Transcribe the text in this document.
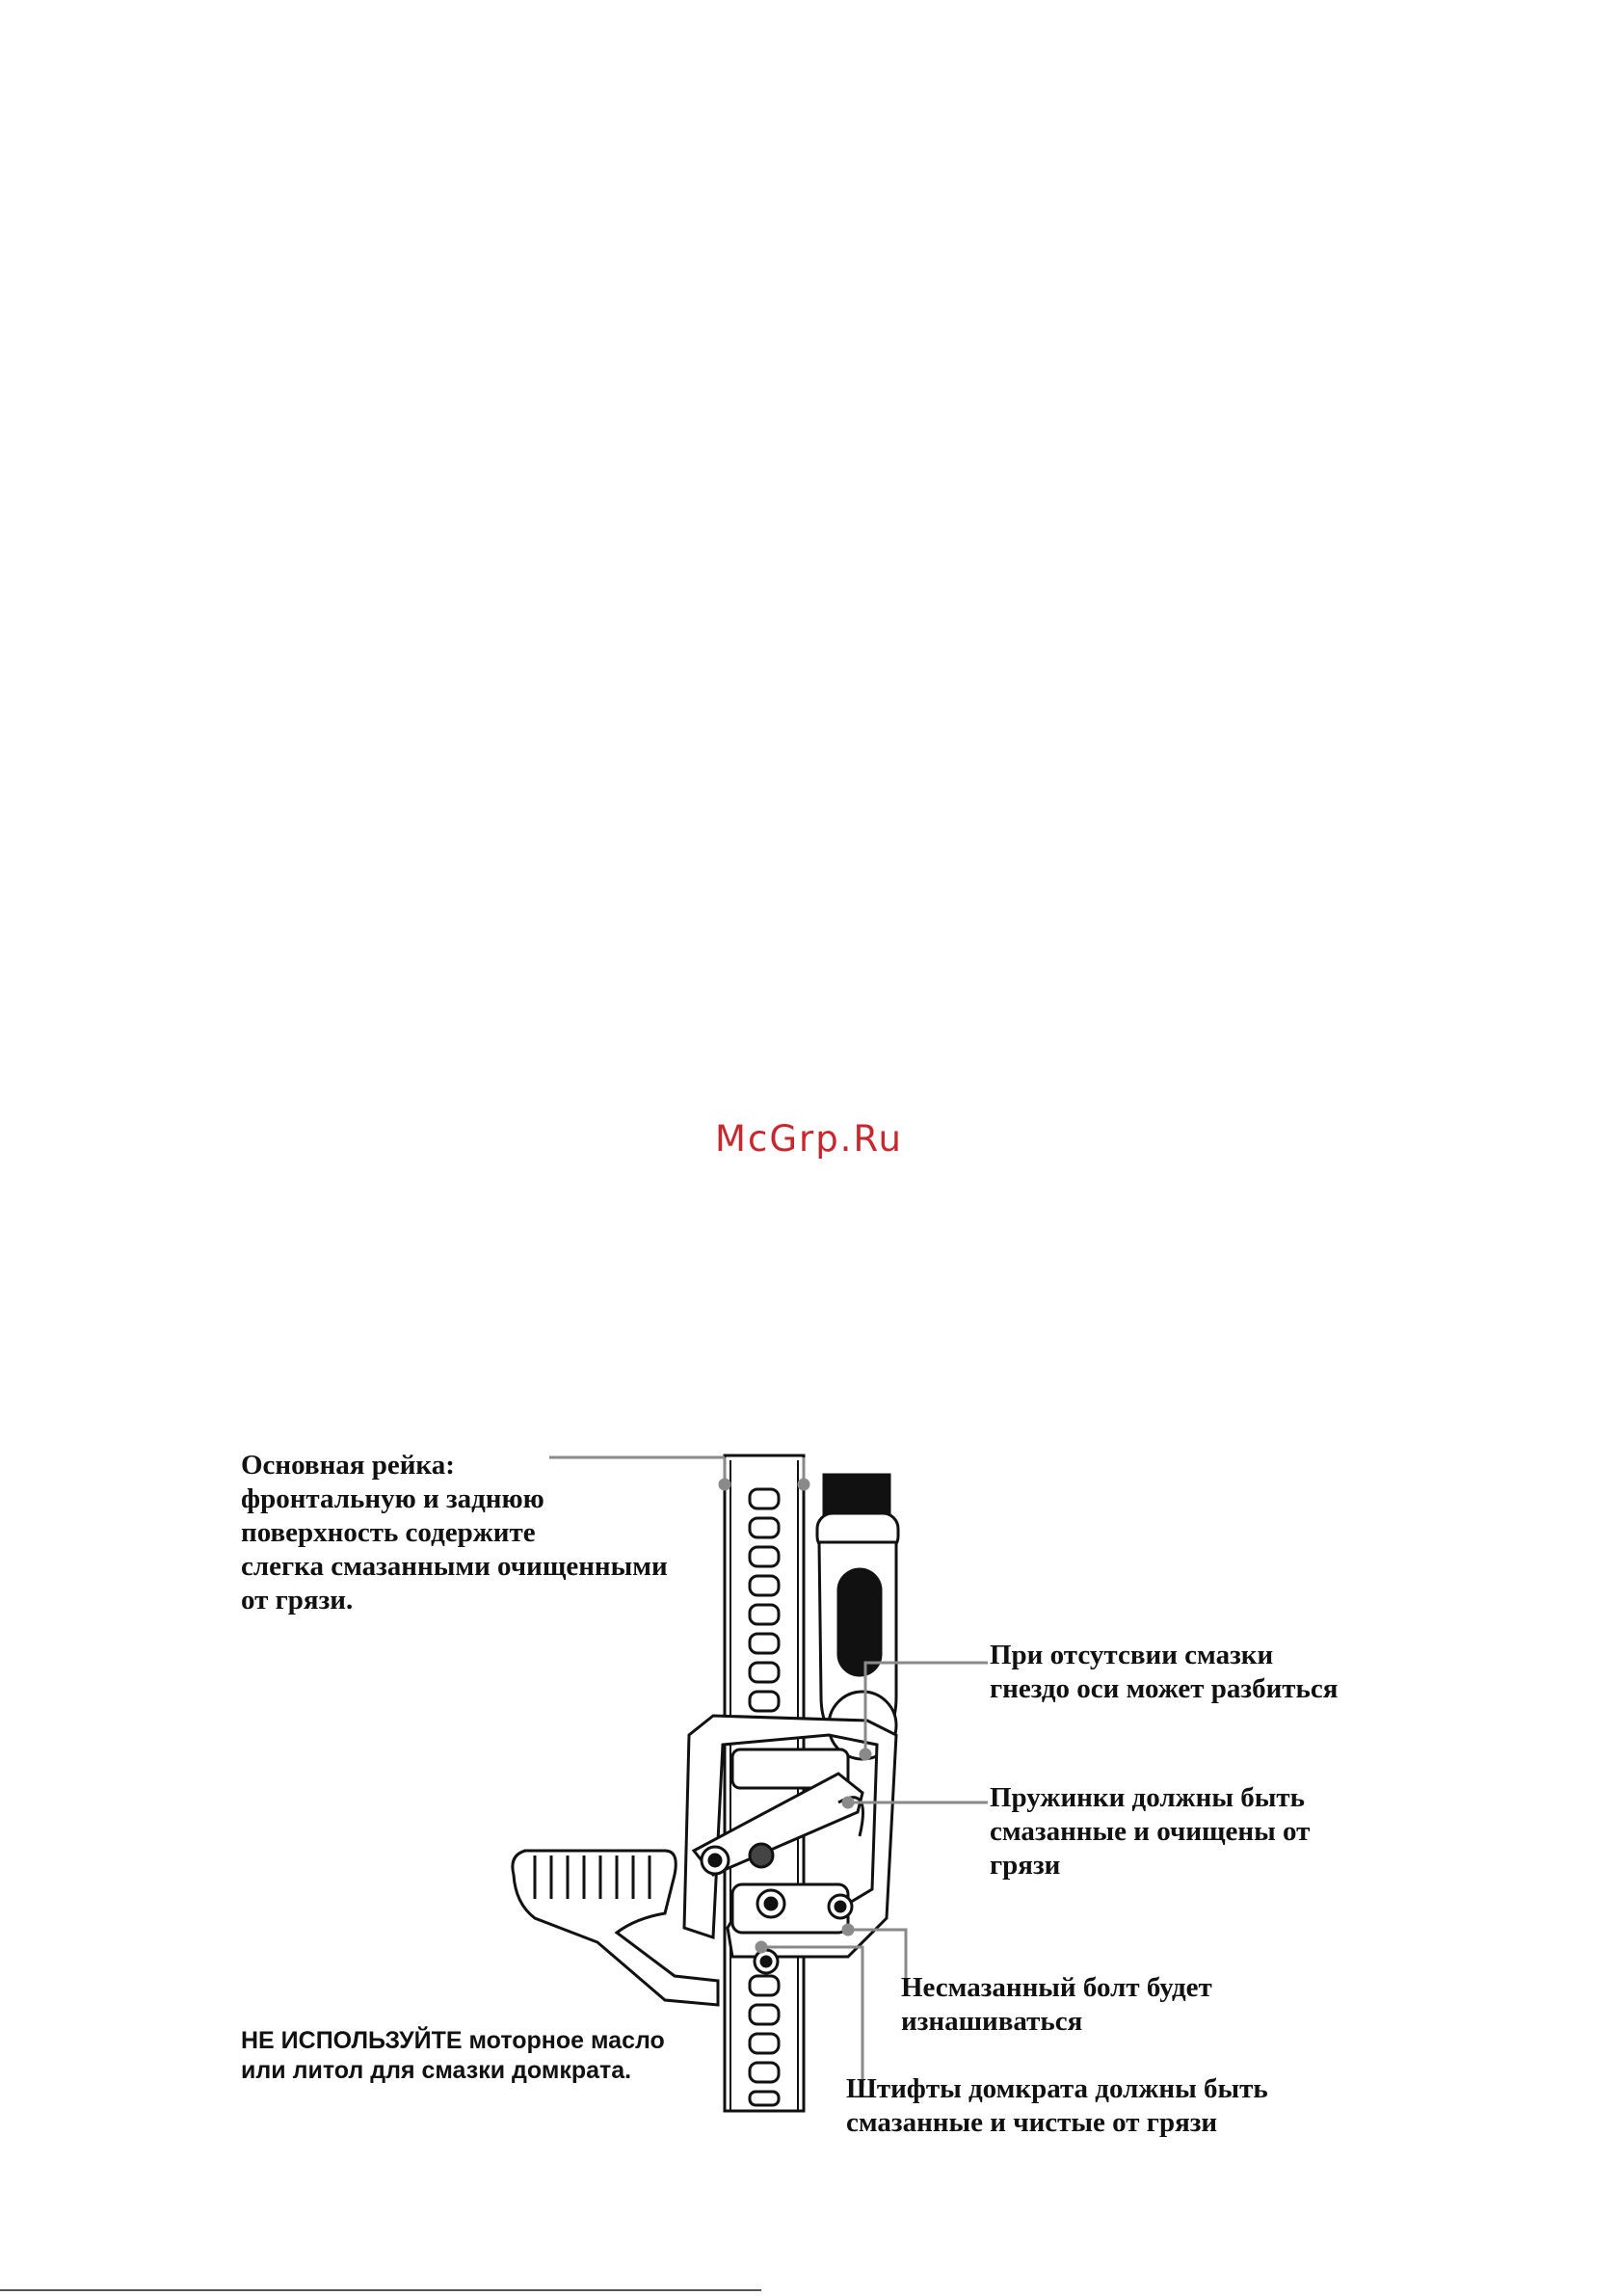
McGrp.Ru
Основная рейка:
фронтальную и заднюю
поверхность содержите
слегка смазанными очищенными
от грязи.
При отсутсвии смазки
гнездо оси может разбиться
Пружинки должны быть
смазанные и очищены от
грязи
Несмазанный болт будет
изнашиваться
Штифты домкрата должны быть
смазанные и чистые от грязи
НЕ ИСПОЛЬЗУЙТЕ моторное масло
или литол для смазки домкрата.
